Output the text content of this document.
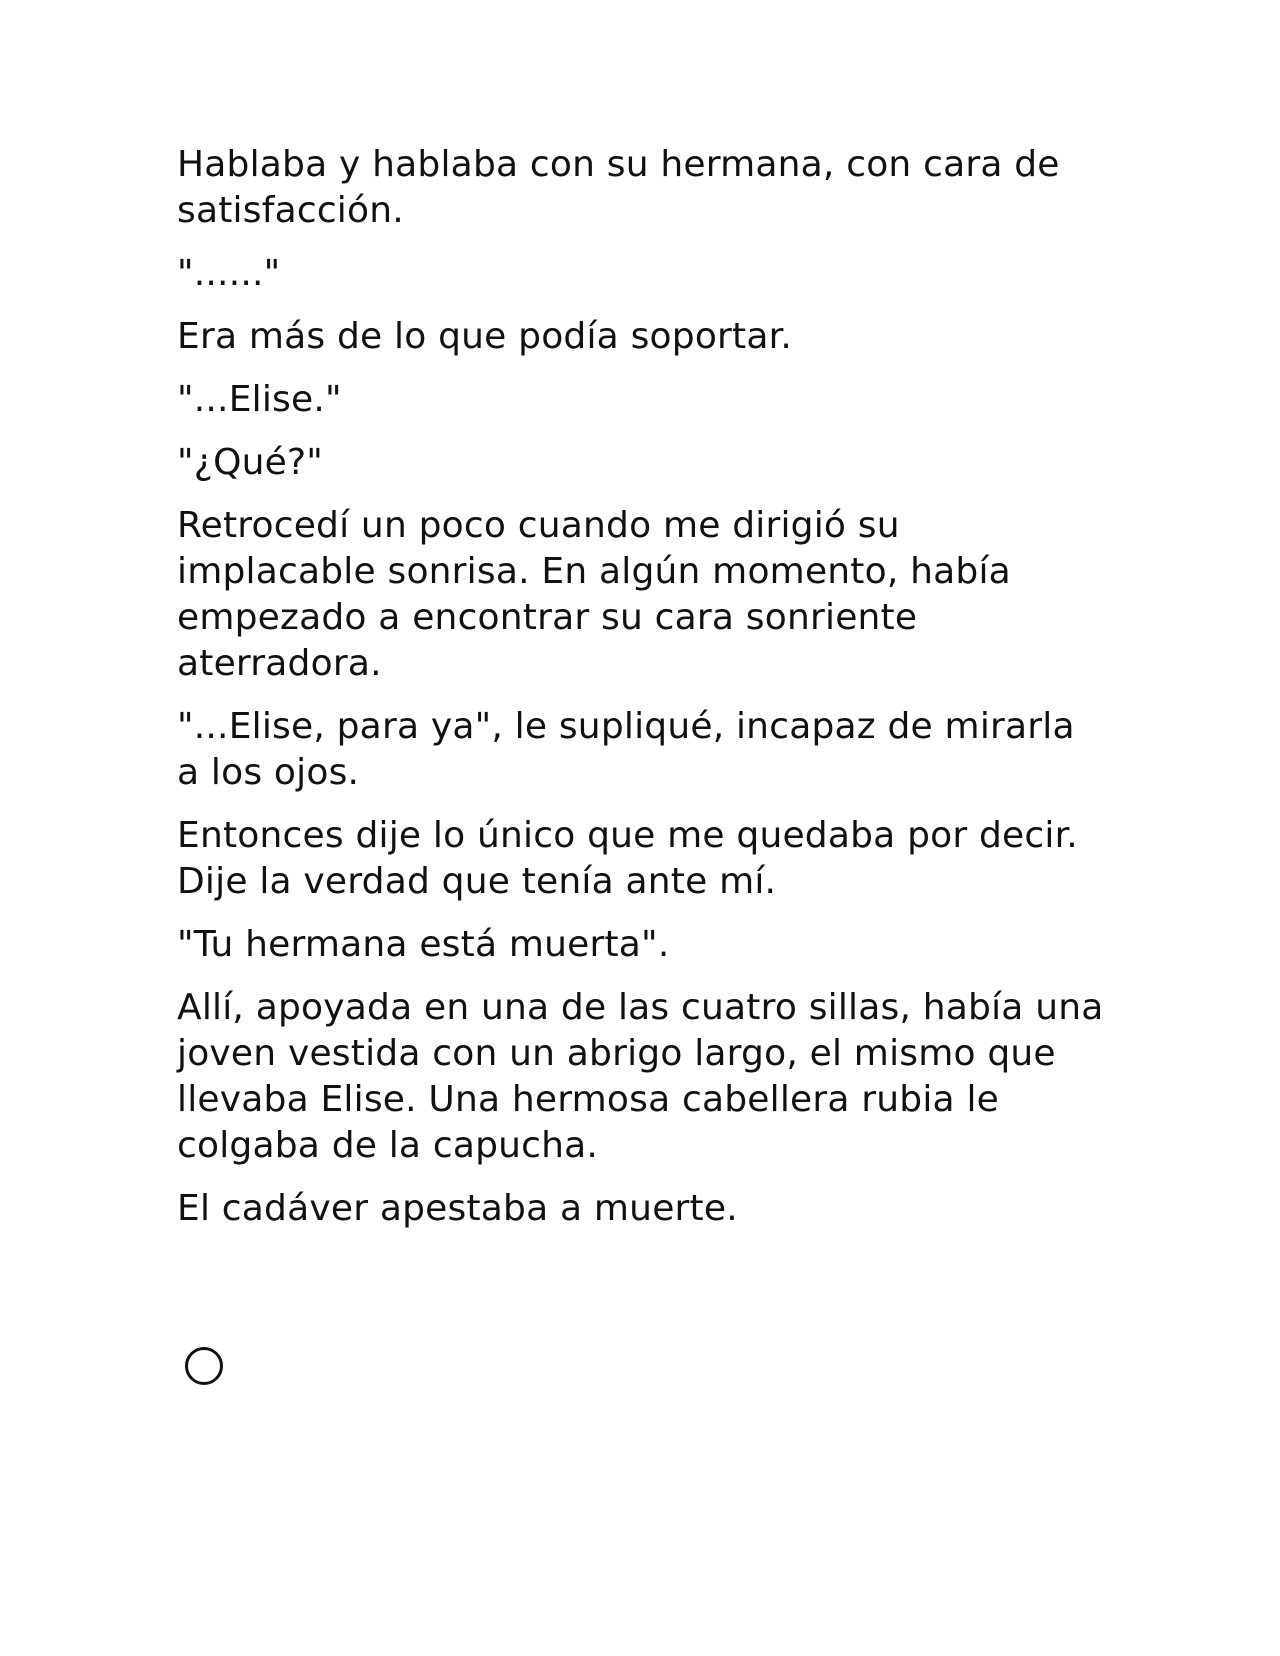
Hablaba y hablaba con su hermana, con cara de satisfacción.

"......"

Era más de lo que podía soportar.

"...Elise."

"¿Qué?"

Retrocedí un poco cuando me dirigió su implacable sonrisa. En algún momento, había empezado a encontrar su cara sonriente aterradora.

"...Elise, para ya", le supliqué, incapaz de mirarla a los ojos.

Entonces dije lo único que me quedaba por decir. Dije la verdad que tenía ante mí.

"Tu hermana está muerta".

Allí, apoyada en una de las cuatro sillas, había una joven vestida con un abrigo largo, el mismo que llevaba Elise. Una hermosa cabellera rubia le colgaba de la capucha.

El cadáver apestaba a muerte.
